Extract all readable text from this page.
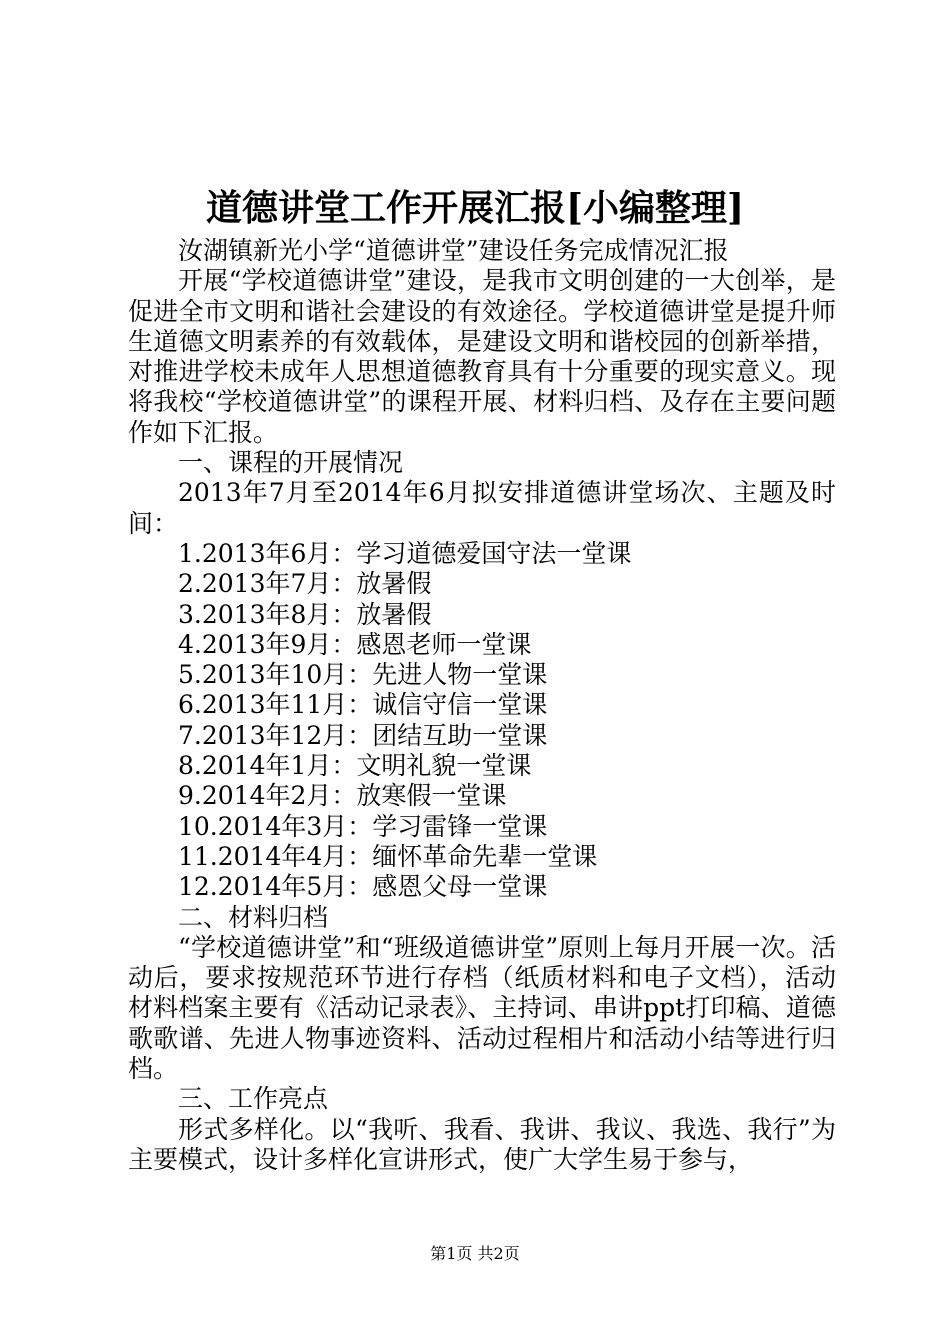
道德讲堂工作开展汇报[小编整理]

汝湖镇新光小学“道德讲堂”建设任务完成情况汇报

开展“学校道德讲堂”建设，是我市文明创建的一大创举，是促进全市文明和谐社会建设的有效途径。学校道德讲堂是提升师生道德文明素养的有效载体，是建设文明和谐校园的创新举措，对推进学校未成年人思想道德教育具有十分重要的现实意义。现将我校“学校道德讲堂”的课程开展、材料归档、及存在主要问题作如下汇报。

一、课程的开展情况

2013年7月至2014年6月拟安排道德讲堂场次、主题及时间：

1.2013年6月：学习道德爱国守法一堂课

2.2013年7月：放暑假

3.2013年8月：放暑假

4.2013年9月：感恩老师一堂课

5.2013年10月：先进人物一堂课

6.2013年11月：诚信守信一堂课

7.2013年12月：团结互助一堂课

8.2014年1月：文明礼貌一堂课

9.2014年2月：放寒假一堂课

10.2014年3月：学习雷锋一堂课

11.2014年4月：缅怀革命先辈一堂课

12.2014年5月：感恩父母一堂课

二、材料归档

“学校道德讲堂”和“班级道德讲堂”原则上每月开展一次。活动后，要求按规范环节进行存档（纸质材料和电子文档），活动材料档案主要有《活动记录表》、主持词、串讲ppt打印稿、道德歌歌谱、先进人物事迹资料、活动过程相片和活动小结等进行归档。

三、工作亮点

形式多样化。以“我听、我看、我讲、我议、我选、我行”为主要模式，设计多样化宣讲形式，使广大学生易于参与，

第1页 共2页
